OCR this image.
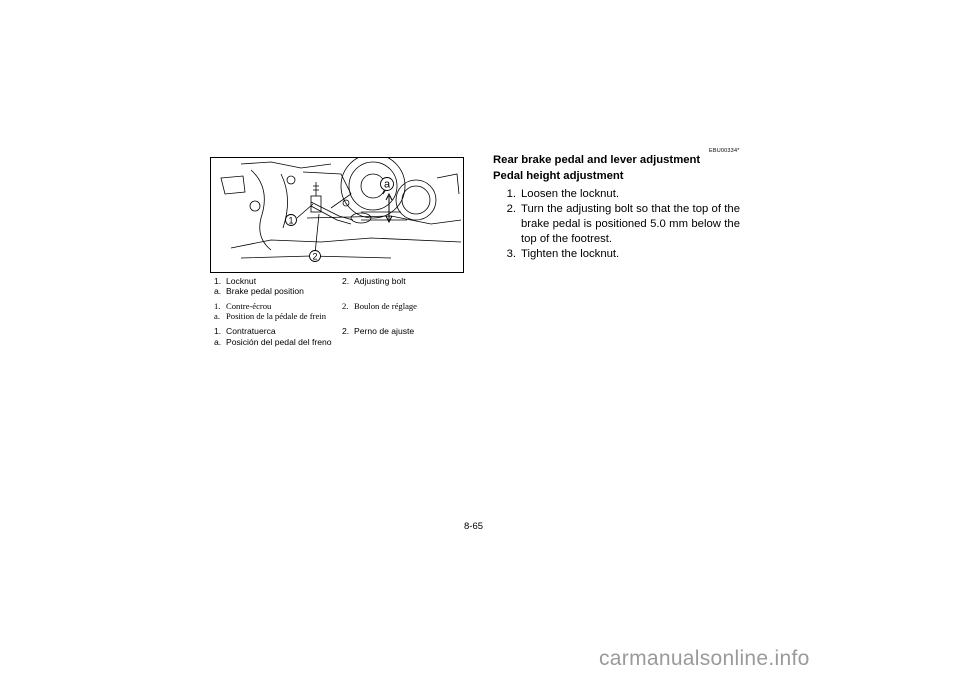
1
2
a
1. Locknut	2. Adjusting bolt
a. Brake pedal position
1. Contre-écrou	2. Boulon de réglage
a. Position de la pédale de frein
1. Contratuerca	2. Perno de ajuste
a. Posición del pedal del freno
EBU00334*
Rear brake pedal and lever adjustment
Pedal height adjustment
1. Loosen the locknut.
2. Turn the adjusting bolt so that the top of the brake pedal is positioned 5.0 mm below the top of the footrest.
3. Tighten the locknut.
8-65
carmanualsonline.info
